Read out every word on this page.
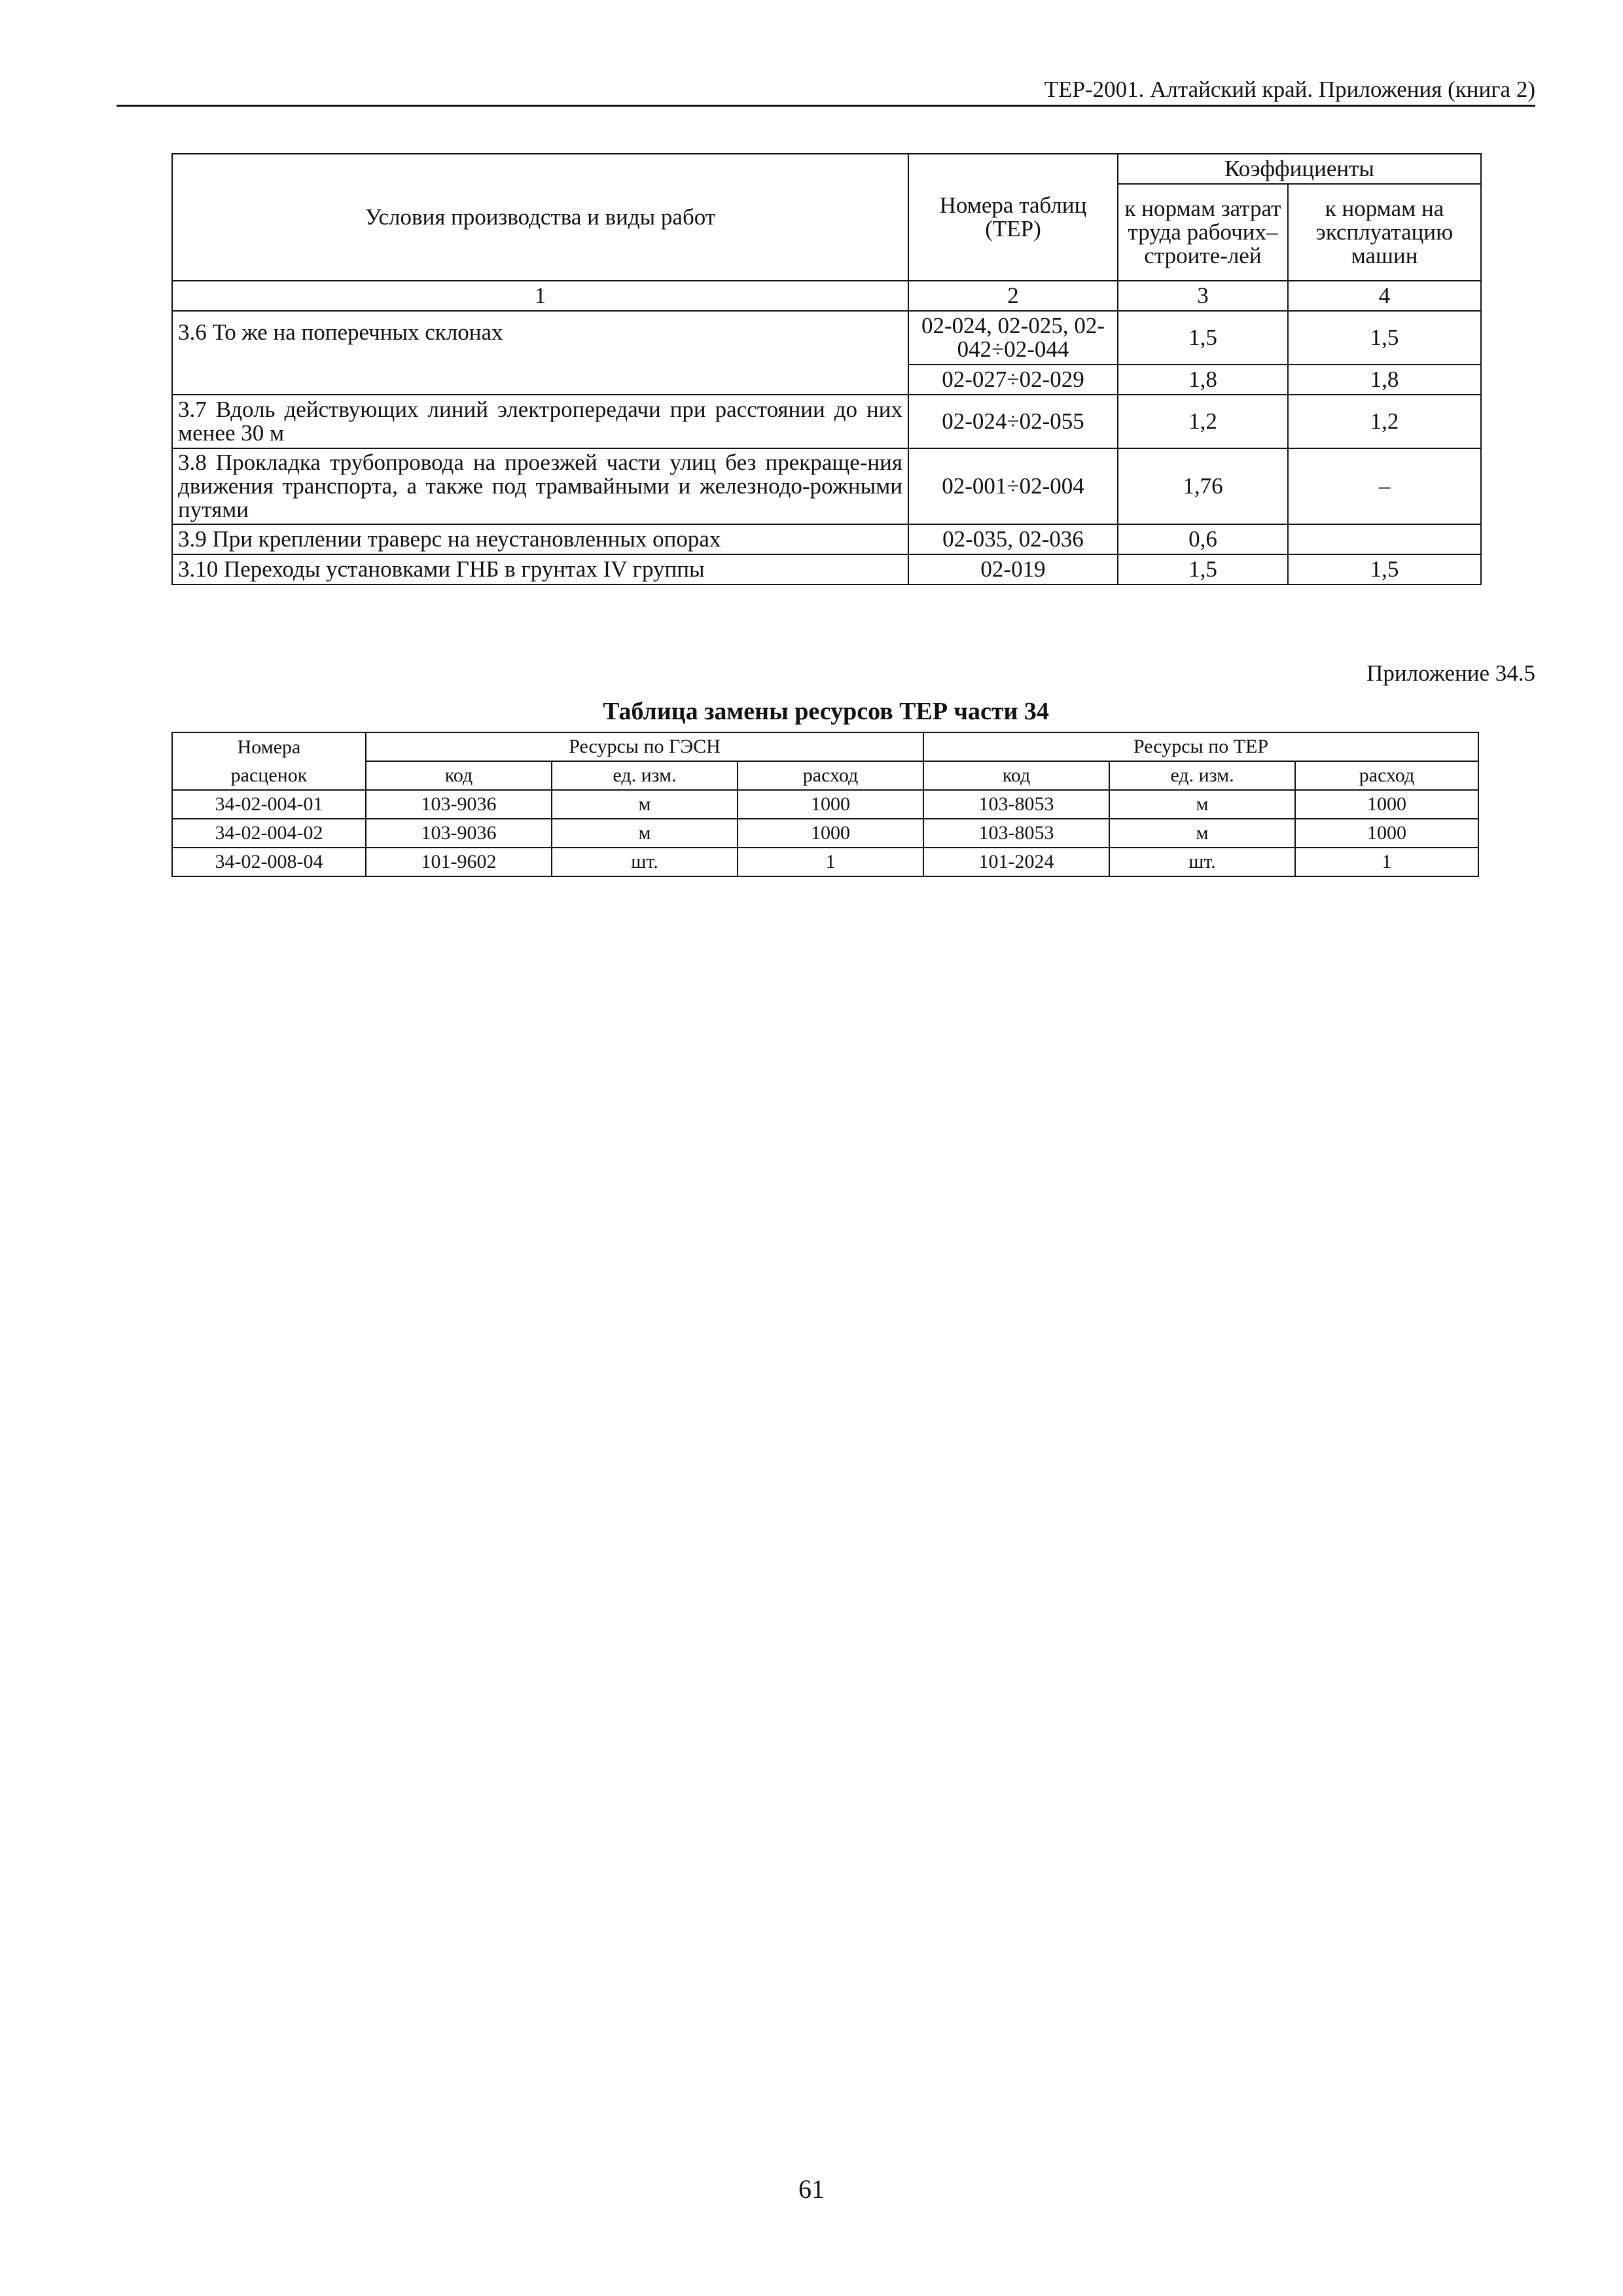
ТЕР-2001. Алтайский край. Приложения (книга 2)
Условия производства и виды работ	Номера таблиц (ТЕР)	Коэффициенты	
		к нормам затрат труда рабочих–строите-лей	к нормам на эксплуатацию машин
1	2	3	4
3.6 То же на поперечных склонах	02-024, 02-025, 02-042÷02-044	1,5	1,5
	02-027÷02-029	1,8	1,8
3.7 Вдоль действующих линий электропередачи при расстоянии до них менее 30 м	02-024÷02-055	1,2	1,2
3.8 Прокладка трубопровода на проезжей части улиц без прекраще-ния движения транспорта, а также под трамвайными и железнодо-рожными путями	02-001÷02-004	1,76	–
3.9 При креплении траверс на неустановленных опорах	02-035, 02-036	0,6	
3.10 Переходы установками ГНБ в грунтах IV группы	02-019	1,5	1,5
Приложение 34.5
Таблица замены ресурсов ТЕР части 34
Номера	Ресурсы по ГЭСН			Ресурсы по ТЕР		
расценок	код	ед. изм.	расход	код	ед. изм.	расход
34-02-004-01	103-9036	м	1000	103-8053	м	1000
34-02-004-02	103-9036	м	1000	103-8053	м	1000
34-02-008-04	101-9602	шт.	1	101-2024	шт.	1
61
